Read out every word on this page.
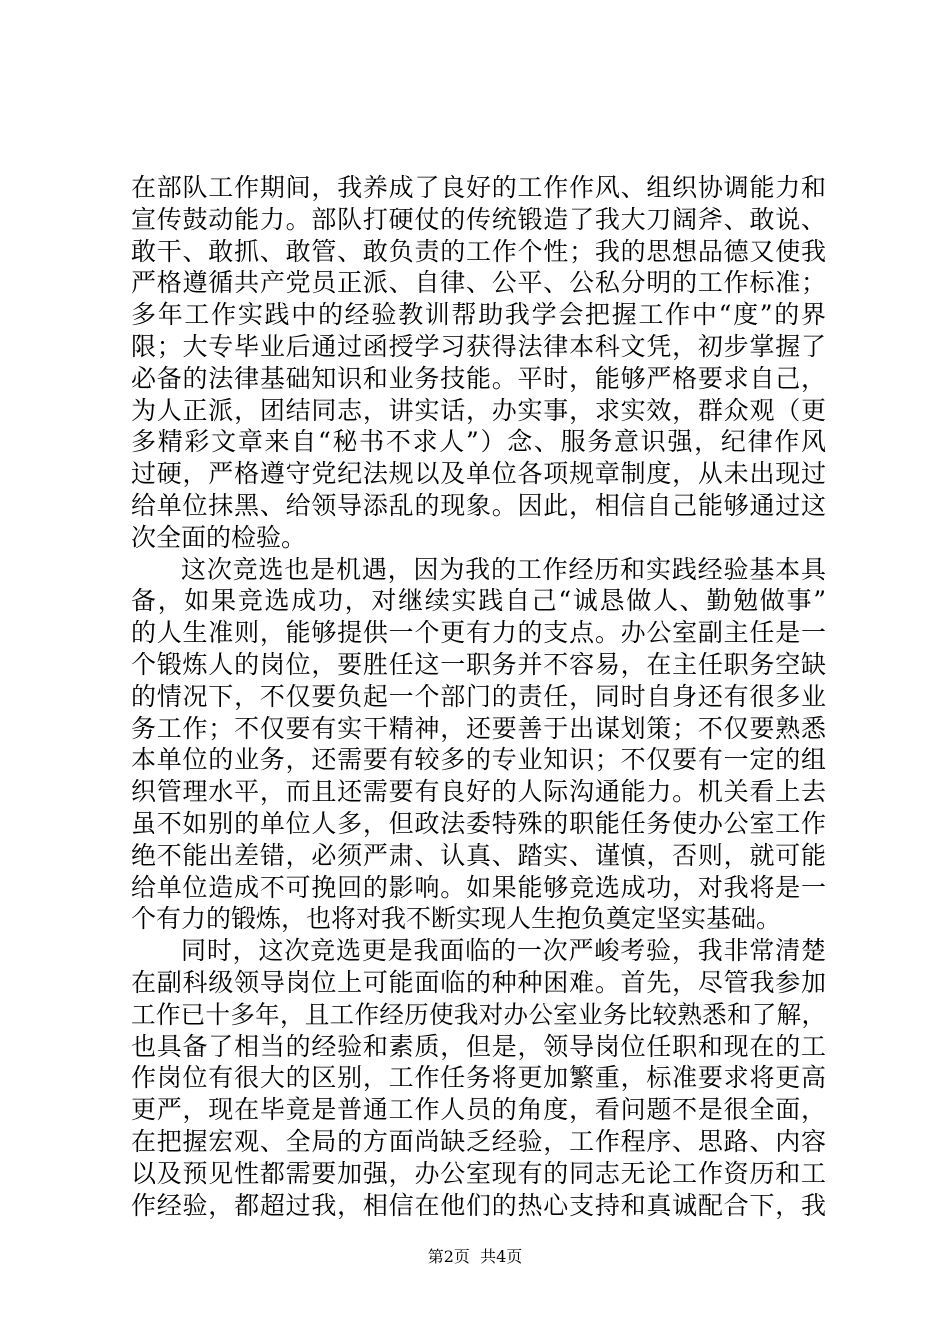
在部队工作期间，我养成了良好的工作作风、组织协调能力和
宣传鼓动能力。部队打硬仗的传统锻造了我大刀阔斧、敢说、
敢干、敢抓、敢管、敢负责的工作个性；我的思想品德又使我
严格遵循共产党员正派、自律、公平、公私分明的工作标准；
多年工作实践中的经验教训帮助我学会把握工作中“度”的界
限；大专毕业后通过函授学习获得法律本科文凭，初步掌握了
必备的法律基础知识和业务技能。平时，能够严格要求自己，
为人正派，团结同志，讲实话，办实事，求实效，群众观（更
多精彩文章来自“秘书不求人”）念、服务意识强，纪律作风
过硬，严格遵守党纪法规以及单位各项规章制度，从未出现过
给单位抹黑、给领导添乱的现象。因此，相信自己能够通过这
次全面的检验。
这次竞选也是机遇，因为我的工作经历和实践经验基本具
备，如果竞选成功，对继续实践自己“诚恳做人、勤勉做事”
的人生准则，能够提供一个更有力的支点。办公室副主任是一
个锻炼人的岗位，要胜任这一职务并不容易，在主任职务空缺
的情况下，不仅要负起一个部门的责任，同时自身还有很多业
务工作；不仅要有实干精神，还要善于出谋划策；不仅要熟悉
本单位的业务，还需要有较多的专业知识；不仅要有一定的组
织管理水平，而且还需要有良好的人际沟通能力。机关看上去
虽不如别的单位人多，但政法委特殊的职能任务使办公室工作
绝不能出差错，必须严肃、认真、踏实、谨慎，否则，就可能
给单位造成不可挽回的影响。如果能够竞选成功，对我将是一
个有力的锻炼，也将对我不断实现人生抱负奠定坚实基础。
同时，这次竞选更是我面临的一次严峻考验，我非常清楚
在副科级领导岗位上可能面临的种种困难。首先，尽管我参加
工作已十多年，且工作经历使我对办公室业务比较熟悉和了解，
也具备了相当的经验和素质，但是，领导岗位任职和现在的工
作岗位有很大的区别，工作任务将更加繁重，标准要求将更高
更严，现在毕竟是普通工作人员的角度，看问题不是很全面，
在把握宏观、全局的方面尚缺乏经验，工作程序、思路、内容
以及预见性都需要加强，办公室现有的同志无论工作资历和工
作经验，都超过我，相信在他们的热心支持和真诚配合下，我
第2页 共4页
